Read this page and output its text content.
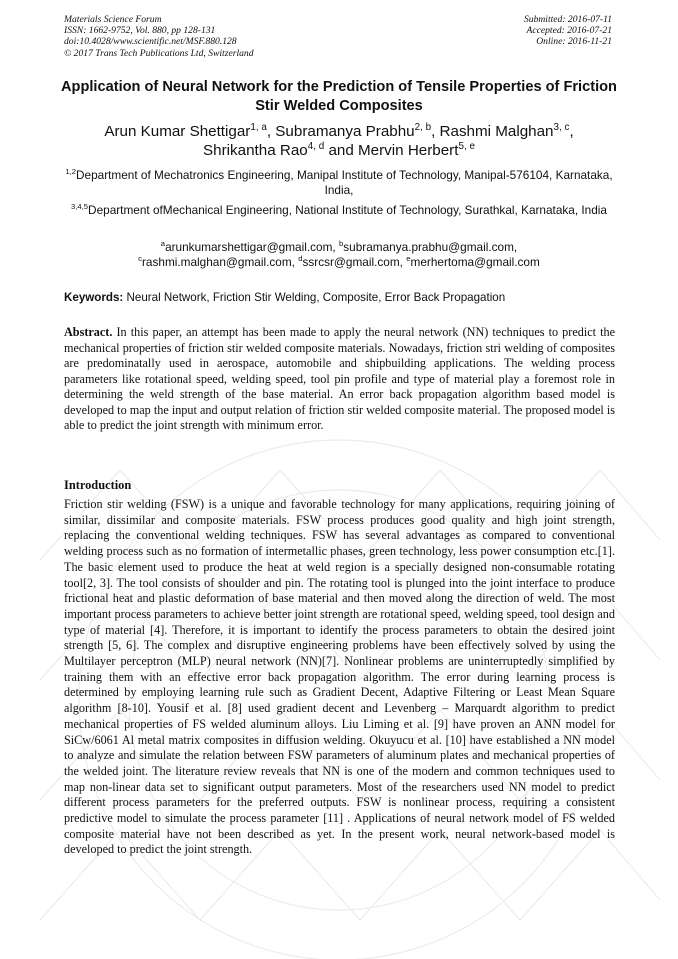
Materials Science Forum
ISSN: 1662-9752, Vol. 880, pp 128-131
doi:10.4028/www.scientific.net/MSF.880.128
© 2017 Trans Tech Publications Ltd, Switzerland
Submitted: 2016-07-11
Accepted: 2016-07-21
Online: 2016-11-21
Application of Neural Network for the Prediction of Tensile Properties of Friction Stir Welded Composites
Arun Kumar Shettigar$^{1, a}$, Subramanya Prabhu$^{2, b}$, Rashmi Malghan$^{3, c}$,
Shrikantha Rao$^{4, d}$ and Mervin Herbert$^{5, e}$
$^{1,2}$Department of Mechatronics Engineering, Manipal Institute of Technology, Manipal-576104, Karnataka, India,
$^{3,4,5}$Department ofMechanical Engineering, National Institute of Technology, Surathkal, Karnataka, India
$^a$arunkumarshettigar@gmail.com, $^b$subramanya.prabhu@gmail.com,
$^c$rashmi.malghan@gmail.com, $^d$ssrcsr@gmail.com, $^e$merhertoma@gmail.com
Keywords: Neural Network, Friction Stir Welding, Composite, Error Back Propagation
Abstract. In this paper, an attempt has been made to apply the neural network (NN) techniques to predict the mechanical properties of friction stir welded composite materials. Nowadays, friction stri welding of composites are predominatally used in aerospace, automobile and shipbuilding applications. The welding process parameters like rotational speed, welding speed, tool pin profile and type of material play a foremost role in determining the weld strength of the base material. An error back propagation algorithm based model is developed to map the input and output relation of friction stir welded composite material. The proposed model is able to predict the joint strength with minimum error.
Introduction
Friction stir welding (FSW) is a unique and favorable technology for many applications, requiring joining of similar, dissimilar and composite materials. FSW process produces good quality and high joint strength, replacing the conventional welding techniques. FSW has several advantages as compared to conventional welding process such as no formation of intermetallic phases, green technology, less power consumption etc.[1]. The basic element used to produce the heat at weld region is a specially designed non-consumable rotating tool[2, 3]. The tool consists of shoulder and pin. The rotating tool is plunged into the joint interface to produce frictional heat and plastic deformation of base material and then moved along the direction of weld. The most important process parameters to achieve better joint strength are rotational speed, welding speed, tool design and type of material [4]. Therefore, it is important to identify the process parameters to obtain the desired joint strength [5, 6]. The complex and disruptive engineering problems have been effectively solved by using the Multilayer perceptron (MLP) neural network (NN)[7]. Nonlinear problems are uninterruptedly simplified by training them with an effective error back propagation algorithm. The error during learning process is determined by employing learning rule such as Gradient Decent, Adaptive Filtering or Least Mean Square algorithm [8-10]. Yousif et al. [8] used gradient decent and Levenberg – Marquardt algorithm to predict mechanical properties of FS welded aluminum alloys. Liu Liming et al. [9] have proven an ANN model for SiCw/6061 Al metal matrix composites in diffusion welding. Okuyucu et al. [10] have established a NN model to analyze and simulate the relation between FSW parameters of aluminum plates and mechanical properties of the welded joint. The literature review reveals that NN is one of the modern and common techniques used to map non-linear data set to significant output parameters. Most of the researchers used NN model to predict different process parameters for the preferred outputs. FSW is nonlinear process, requiring a consistent predictive model to simulate the process parameter [11] . Applications of neural network model of FS welded composite material have not been described as yet. In the present work, neural network-based model is developed to predict the joint strength.
